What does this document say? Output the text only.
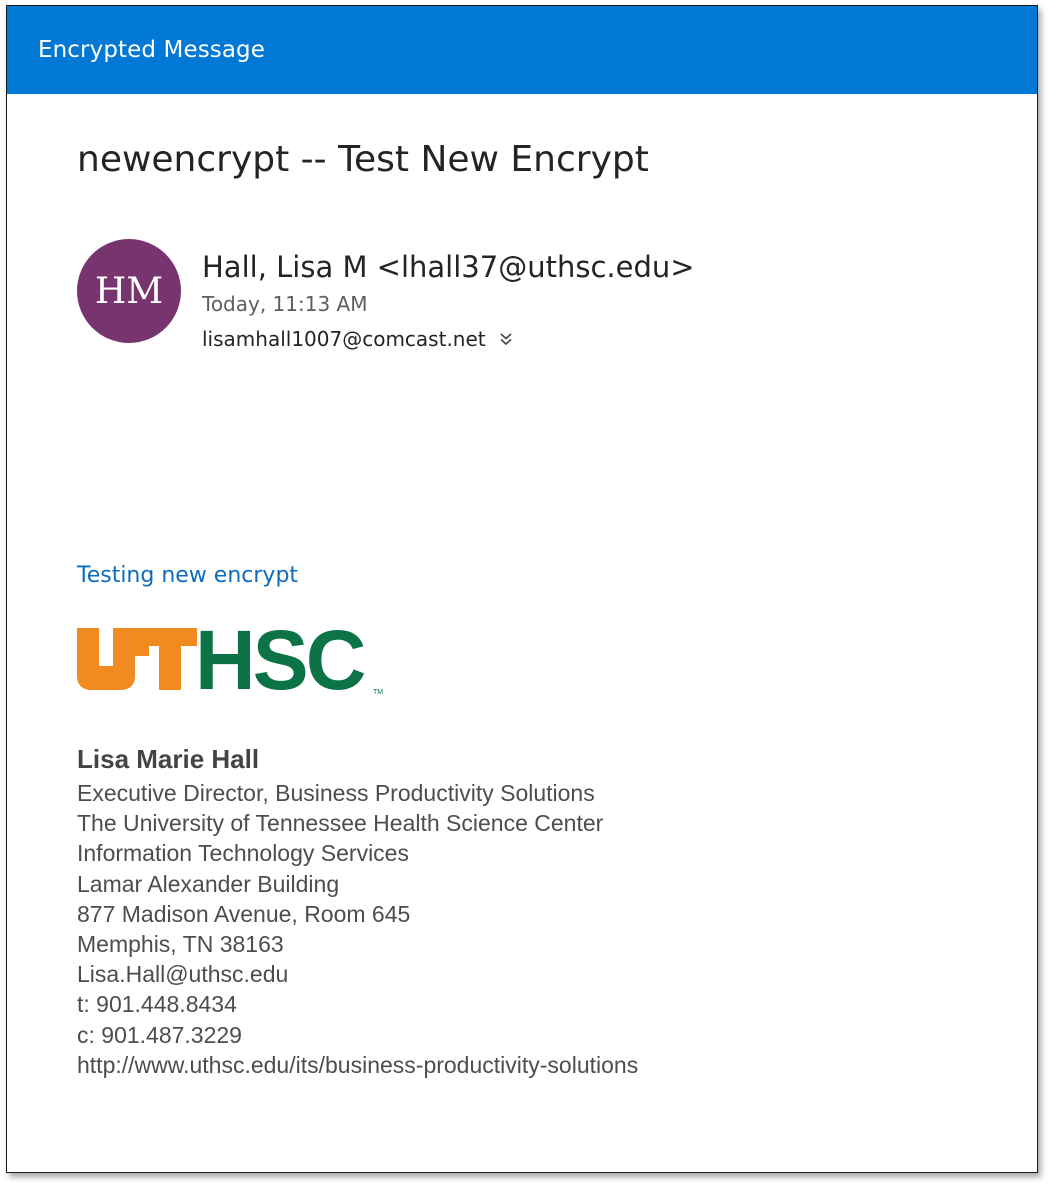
Encrypted Message
newencrypt -- Test New Encrypt
HM
Hall, Lisa M <lhall37@uthsc.edu>
Today, 11:13 AM
lisamhall1007@comcast.net
Testing new encrypt
HSC TM
Lisa Marie Hall
Executive Director, Business Productivity Solutions
The University of Tennessee Health Science Center
Information Technology Services
Lamar Alexander Building
877 Madison Avenue, Room 645
Memphis, TN 38163
Lisa.Hall@uthsc.edu
t: 901.448.8434
c: 901.487.3229
http://www.uthsc.edu/its/business-productivity-solutions
